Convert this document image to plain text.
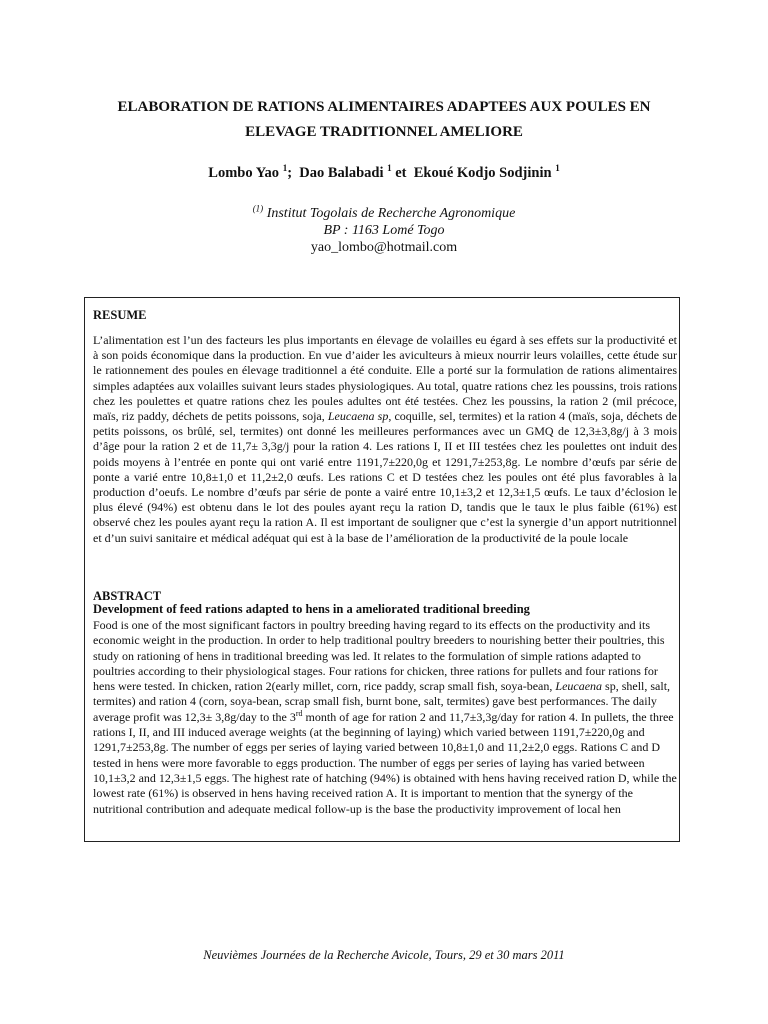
ELABORATION DE RATIONS ALIMENTAIRES ADAPTEES AUX POULES EN
ELEVAGE TRADITIONNEL AMELIORE
Lombo Yao $^1$;  Dao Balabadi $^1$ et  Ekoué Kodjo Sodjinin $^1$
$^{(1)}$ Institut Togolais de Recherche Agronomique
BP : 1163 Lomé Togo
yao_lombo@hotmail.com
RESUME

L’alimentation est l’un des facteurs les plus importants en élevage de volailles eu égard à ses effets sur la productivité et à son poids économique dans la production. En vue d’aider les aviculteurs à mieux nourrir leurs volailles, cette étude sur le rationnement des poules en élevage traditionnel a été conduite. Elle a porté sur la formulation de rations alimentaires simples adaptées aux volailles suivant leurs stades physiologiques. Au total, quatre rations chez les poussins, trois rations chez les poulettes et quatre rations chez les poules adultes ont été testées. Chez les poussins, la ration 2 (mil précoce, maïs, riz paddy, déchets de petits poissons, soja, Leucaena sp, coquille, sel, termites) et la ration 4 (maïs, soja, déchets de petits poissons, os brûlé, sel, termites) ont donné les meilleures performances avec un GMQ de 12,3±3,8g/j à 3 mois d’âge pour la ration 2 et de 11,7± 3,3g/j pour la ration 4. Les rations I, II et III testées chez les poulettes ont induit des poids moyens à l’entrée en ponte qui ont varié entre 1191,7±220,0g et 1291,7±253,8g. Le nombre d’œufs par série de ponte a varié entre 10,8±1,0 et 11,2±2,0 œufs. Les rations C et D testées chez les poules ont été plus favorables à la production d’oeufs. Le nombre d’œufs par série de ponte a vairé entre 10,1±3,2 et 12,3±1,5 œufs. Le taux d’éclosion le plus élevé (94%) est obtenu dans le lot des poules ayant reçu la ration D, tandis que le taux le plus faible (61%) est observé chez les poules ayant reçu la ration A. Il est important de souligner que c’est la synergie d’un apport nutritionnel et d’un suivi sanitaire et médical adéquat qui est à la base de l’amélioration de la productivité de la poule locale

ABSTRACT
Development of feed rations adapted to hens in a ameliorated traditional breeding

Food is one of the most significant factors in poultry breeding having regard to its effects on the productivity and its economic weight in the production. In order to help traditional poultry breeders to nourishing better their poultries, this study on rationing of hens in traditional breeding was led. It relates to the formulation of simple rations adapted to poultries according to their physiological stages. Four rations for chicken, three rations for pullets and four rations for hens were tested. In chicken, ration 2(early millet, corn, rice paddy, scrap small fish, soya-bean, Leucaena sp, shell, salt, termites) and ration 4 (corn, soya-bean, scrap small fish, burnt bone, salt, termites) gave best performances. The daily average profit was 12,3± 3,8g/day to the 3rd month of age for ration 2 and 11,7±3,3g/day for ration 4. In pullets, the three rations I, II, and III induced average weights (at the beginning of laying) which varied between 1191,7±220,0g and 1291,7±253,8g. The number of eggs per series of laying varied between 10,8±1,0 and 11,2±2,0 eggs. Rations C and D tested in hens were more favorable to eggs production. The number of eggs per series of laying has varied between 10,1±3,2 and 12,3±1,5 eggs. The highest rate of hatching (94%) is obtained with hens having received ration D, while the lowest rate (61%) is observed in hens having received ration A. It is important to mention that the synergy of the nutritional contribution and adequate medical follow-up is the base the productivity improvement of local hen

Neuvièmes Journées de la Recherche Avicole, Tours, 29 et 30 mars 2011
